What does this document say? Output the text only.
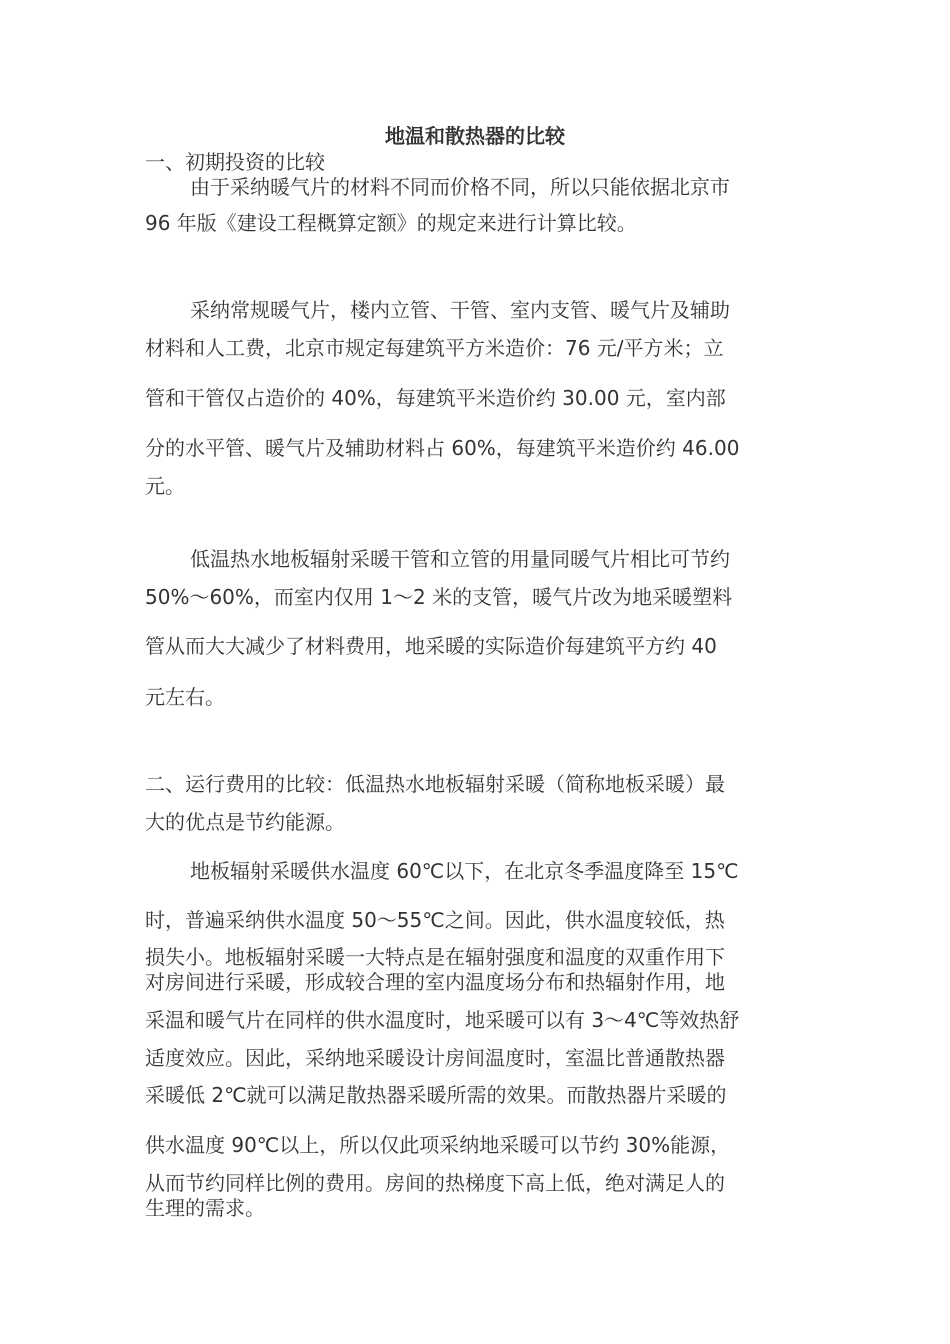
地温和散热器的比较
一、初期投资的比较
由于采纳暖气片的材料不同而价格不同，所以只能依据北京市
96 年版《建设工程概算定额》的规定来进行计算比较。
采纳常规暖气片，楼内立管、干管、室内支管、暖气片及辅助
材料和人工费，北京市规定每建筑平方米造价：76 元/平方米；立
管和干管仅占造价的 40%，每建筑平米造价约 30.00 元，室内部
分的水平管、暖气片及辅助材料占 60%，每建筑平米造价约 46.00
元。
低温热水地板辐射采暖干管和立管的用量同暖气片相比可节约
50%～60%，而室内仅用 1～2 米的支管，暖气片改为地采暖塑料
管从而大大减少了材料费用，地采暖的实际造价每建筑平方约 40
元左右。
二、运行费用的比较：低温热水地板辐射采暖（简称地板采暖）最
大的优点是节约能源。
地板辐射采暖供水温度 60℃以下，在北京冬季温度降至 15℃
时，普遍采纳供水温度 50～55℃之间。因此，供水温度较低，热
损失小。地板辐射采暖一大特点是在辐射强度和温度的双重作用下
对房间进行采暖，形成较合理的室内温度场分布和热辐射作用，地
采温和暖气片在同样的供水温度时，地采暖可以有 3～4℃等效热舒
适度效应。因此，采纳地采暖设计房间温度时，室温比普通散热器
采暖低 2℃就可以满足散热器采暖所需的效果。而散热器片采暖的
供水温度 90℃以上，所以仅此项采纳地采暖可以节约 30%能源，
从而节约同样比例的费用。房间的热梯度下高上低，绝对满足人的
生理的需求。
